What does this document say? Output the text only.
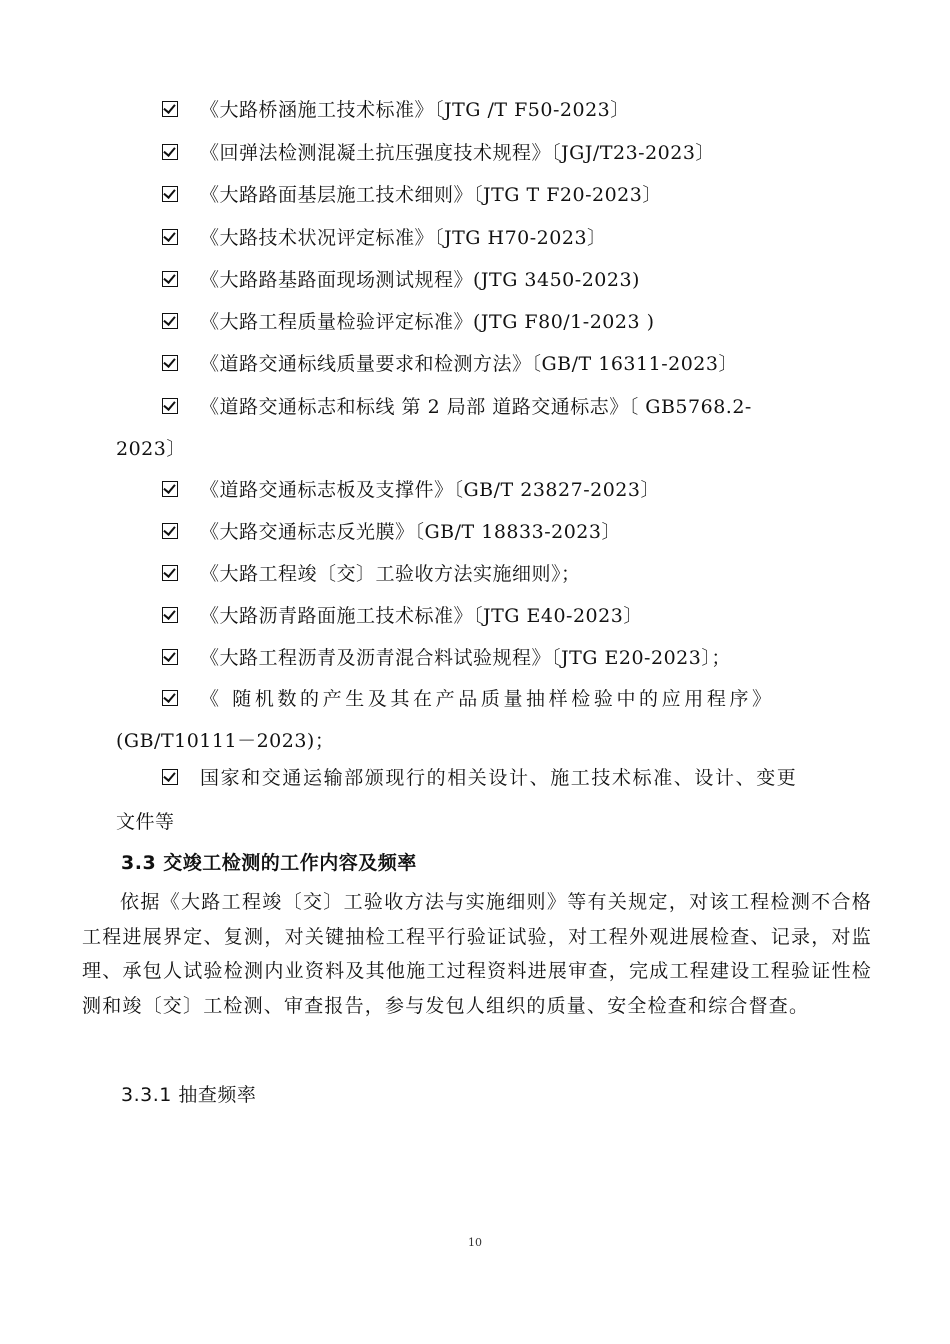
《大路桥涵施工技术标准》〔JTG /T F50-2023〕
《回弹法检测混凝土抗压强度技术规程》〔JGJ/T23-2023〕
《大路路面基层施工技术细则》〔JTG T F20-2023〕
《大路技术状况评定标准》〔JTG H70-2023〕
《大路路基路面现场测试规程》(JTG 3450-2023)
《大路工程质量检验评定标准》(JTG F80/1-2023 )
《道路交通标线质量要求和检测方法》〔GB/T 16311-2023〕
《道路交通标志和标线 第 2 局部 道路交通标志》〔 GB5768.2-
2023〕
《道路交通标志板及支撑件》〔GB/T 23827-2023〕
《大路交通标志反光膜》〔GB/T 18833-2023〕
《大路工程竣〔交〕工验收方法实施细则》；
《大路沥青路面施工技术标准》〔JTG E40-2023〕
《大路工程沥青及沥青混合料试验规程》〔JTG E20-2023〕；
《 随机数的产生及其在产品质量抽样检验中的应用程序》
(GB/T10111－2023)；
国家和交通运输部颁现行的相关设计、施工技术标准、设计、变更
文件等
3.3 交竣工检测的工作内容及频率
依据《大路工程竣〔交〕工验收方法与实施细则》等有关规定，对该工程检测不合格工程进展界定、复测，对关键抽检工程平行验证试验，对工程外观进展检查、记录，对监理、承包人试验检测内业资料及其他施工过程资料进展审查，完成工程建设工程验证性检测和竣〔交〕工检测、审查报告，参与发包人组织的质量、安全检查和综合督查。
3.3.1 抽查频率
10
